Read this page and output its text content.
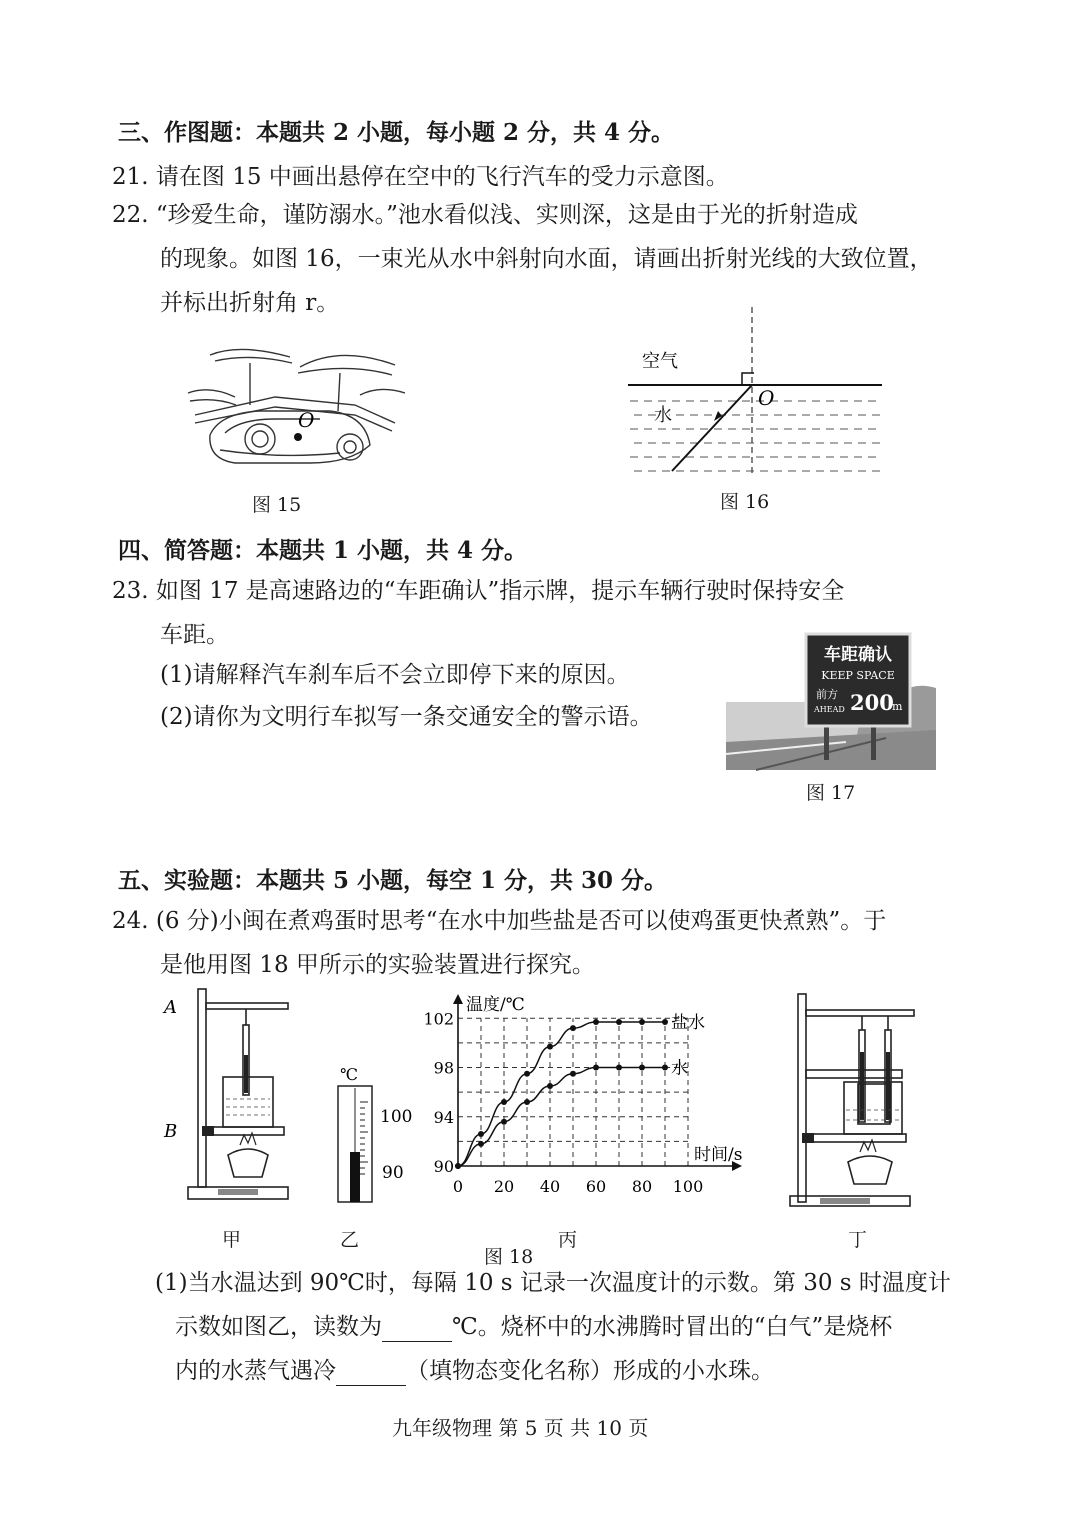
三、作图题：本题共 2 小题，每小题 2 分，共 4 分。
21. 请在图 15 中画出悬停在空中的飞行汽车的受力示意图。
22. “珍爱生命，谨防溺水。”池水看似浅、实则深，这是由于光的折射造成
的现象。如图 16，一束光从水中斜射向水面，请画出折射光线的大致位置，
并标出折射角 r。
O
图 15
空气
水
O
图 16
四、简答题：本题共 1 小题，共 4 分。
23. 如图 17 是高速路边的“车距确认”指示牌，提示车辆行驶时保持安全
车距。
(1)请解释汽车刹车后不会立即停下来的原因。
(2)请你为文明行车拟写一条交通安全的警示语。
车距确认
KEEP SPACE
前方
AHEAD 200
m
图 17
五、实验题：本题共 5 小题，每空 1 分，共 30 分。
24. (6 分)小闽在煮鸡蛋时思考“在水中加些盐是否可以使鸡蛋更快煮熟”。于
是他用图 18 甲所示的实验装置进行探究。
A
B
甲
℃
100
90
乙
温度/℃
时间/s
0 20 40 60 80 100
90
94
98
102	盐水
水
丙
图 18
丁
(1)当水温达到 90℃时，每隔 10 s 记录一次温度计的示数。第 30 s 时温度计
示数如图乙，读数为	℃。烧杯中的水沸腾时冒出的“白气”是烧杯
内的水蒸气遇冷	（填物态变化名称）形成的小水珠。
九年级物理 第 5 页 共 10 页
